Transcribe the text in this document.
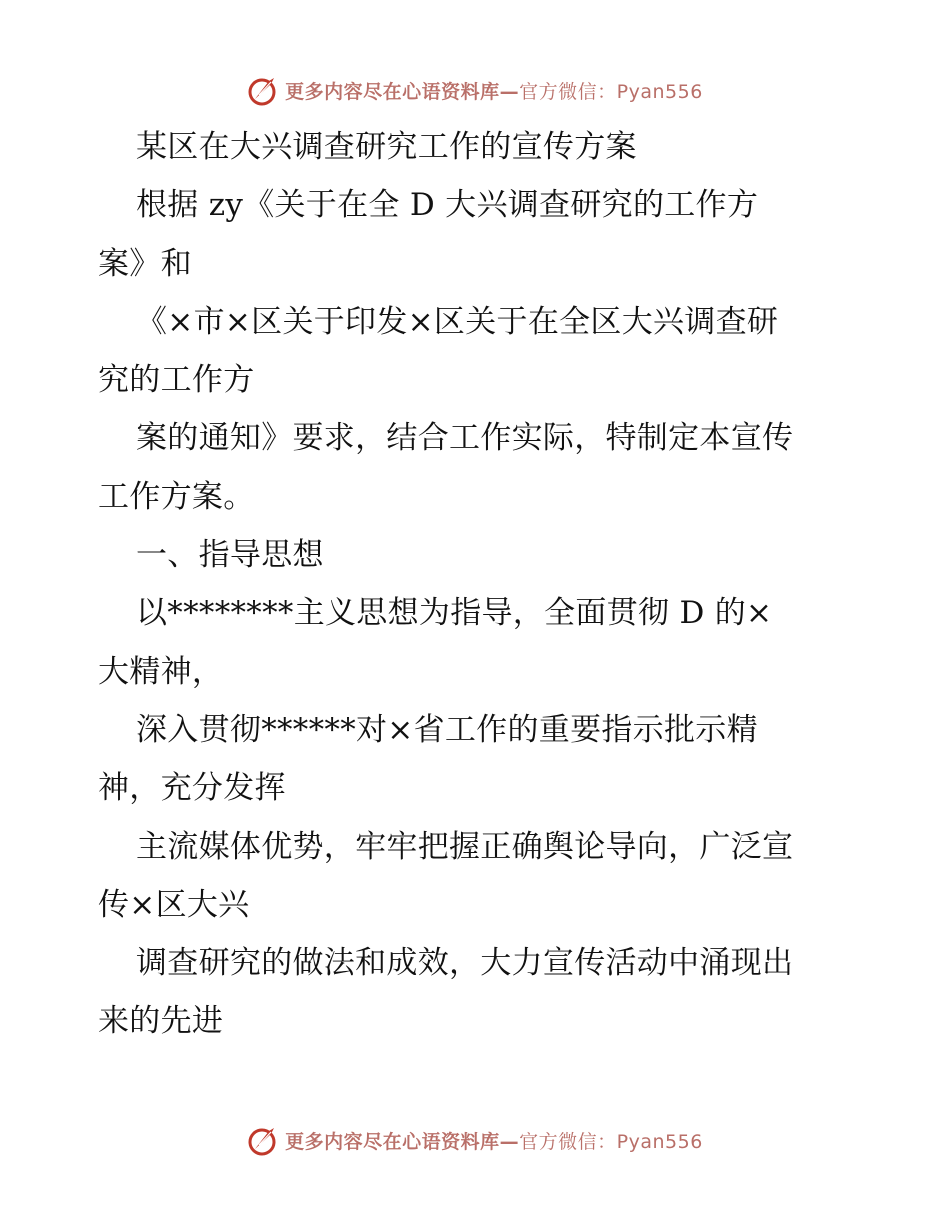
更多内容尽在心语资料库—官方微信：Pyan556
某区在大兴调查研究工作的宣传方案
根据 zy《关于在全 D 大兴调查研究的工作方
案》和
《×市×区关于印发×区关于在全区大兴调查研
究的工作方
案的通知》要求，结合工作实际，特制定本宣传
工作方案。
一、指导思想
以********主义思想为指导，全面贯彻 D 的×
大精神，
深入贯彻******对×省工作的重要指示批示精
神，充分发挥
主流媒体优势，牢牢把握正确舆论导向，广泛宣
传×区大兴
调查研究的做法和成效，大力宣传活动中涌现出
来的先进
更多内容尽在心语资料库—官方微信：Pyan556
